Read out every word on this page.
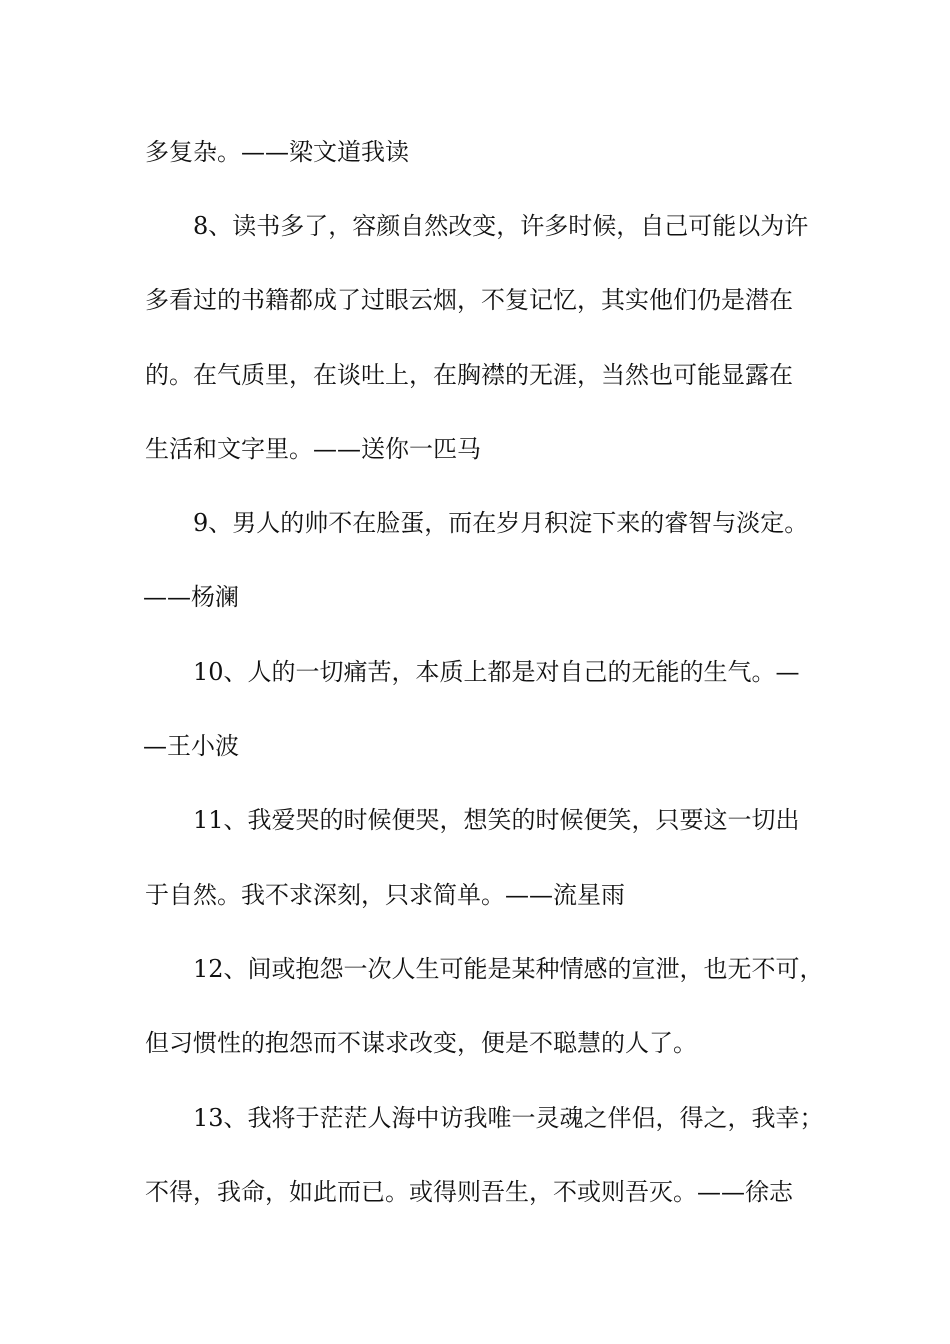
多复杂。——梁文道我读
8、读书多了，容颜自然改变，许多时候，自己可能以为许
多看过的书籍都成了过眼云烟，不复记忆，其实他们仍是潜在
的。在气质里，在谈吐上，在胸襟的无涯，当然也可能显露在
生活和文字里。——送你一匹马
9、男人的帅不在脸蛋，而在岁月积淀下来的睿智与淡定。
——杨澜
10、人的一切痛苦，本质上都是对自己的无能的生气。—
—王小波
11、我爱哭的时候便哭，想笑的时候便笑，只要这一切出
于自然。我不求深刻，只求简单。——流星雨
12、间或抱怨一次人生可能是某种情感的宣泄，也无不可，
但习惯性的抱怨而不谋求改变，便是不聪慧的人了。
13、我将于茫茫人海中访我唯一灵魂之伴侣，得之，我幸；
不得，我命，如此而已。或得则吾生，不或则吾灭。——徐志
